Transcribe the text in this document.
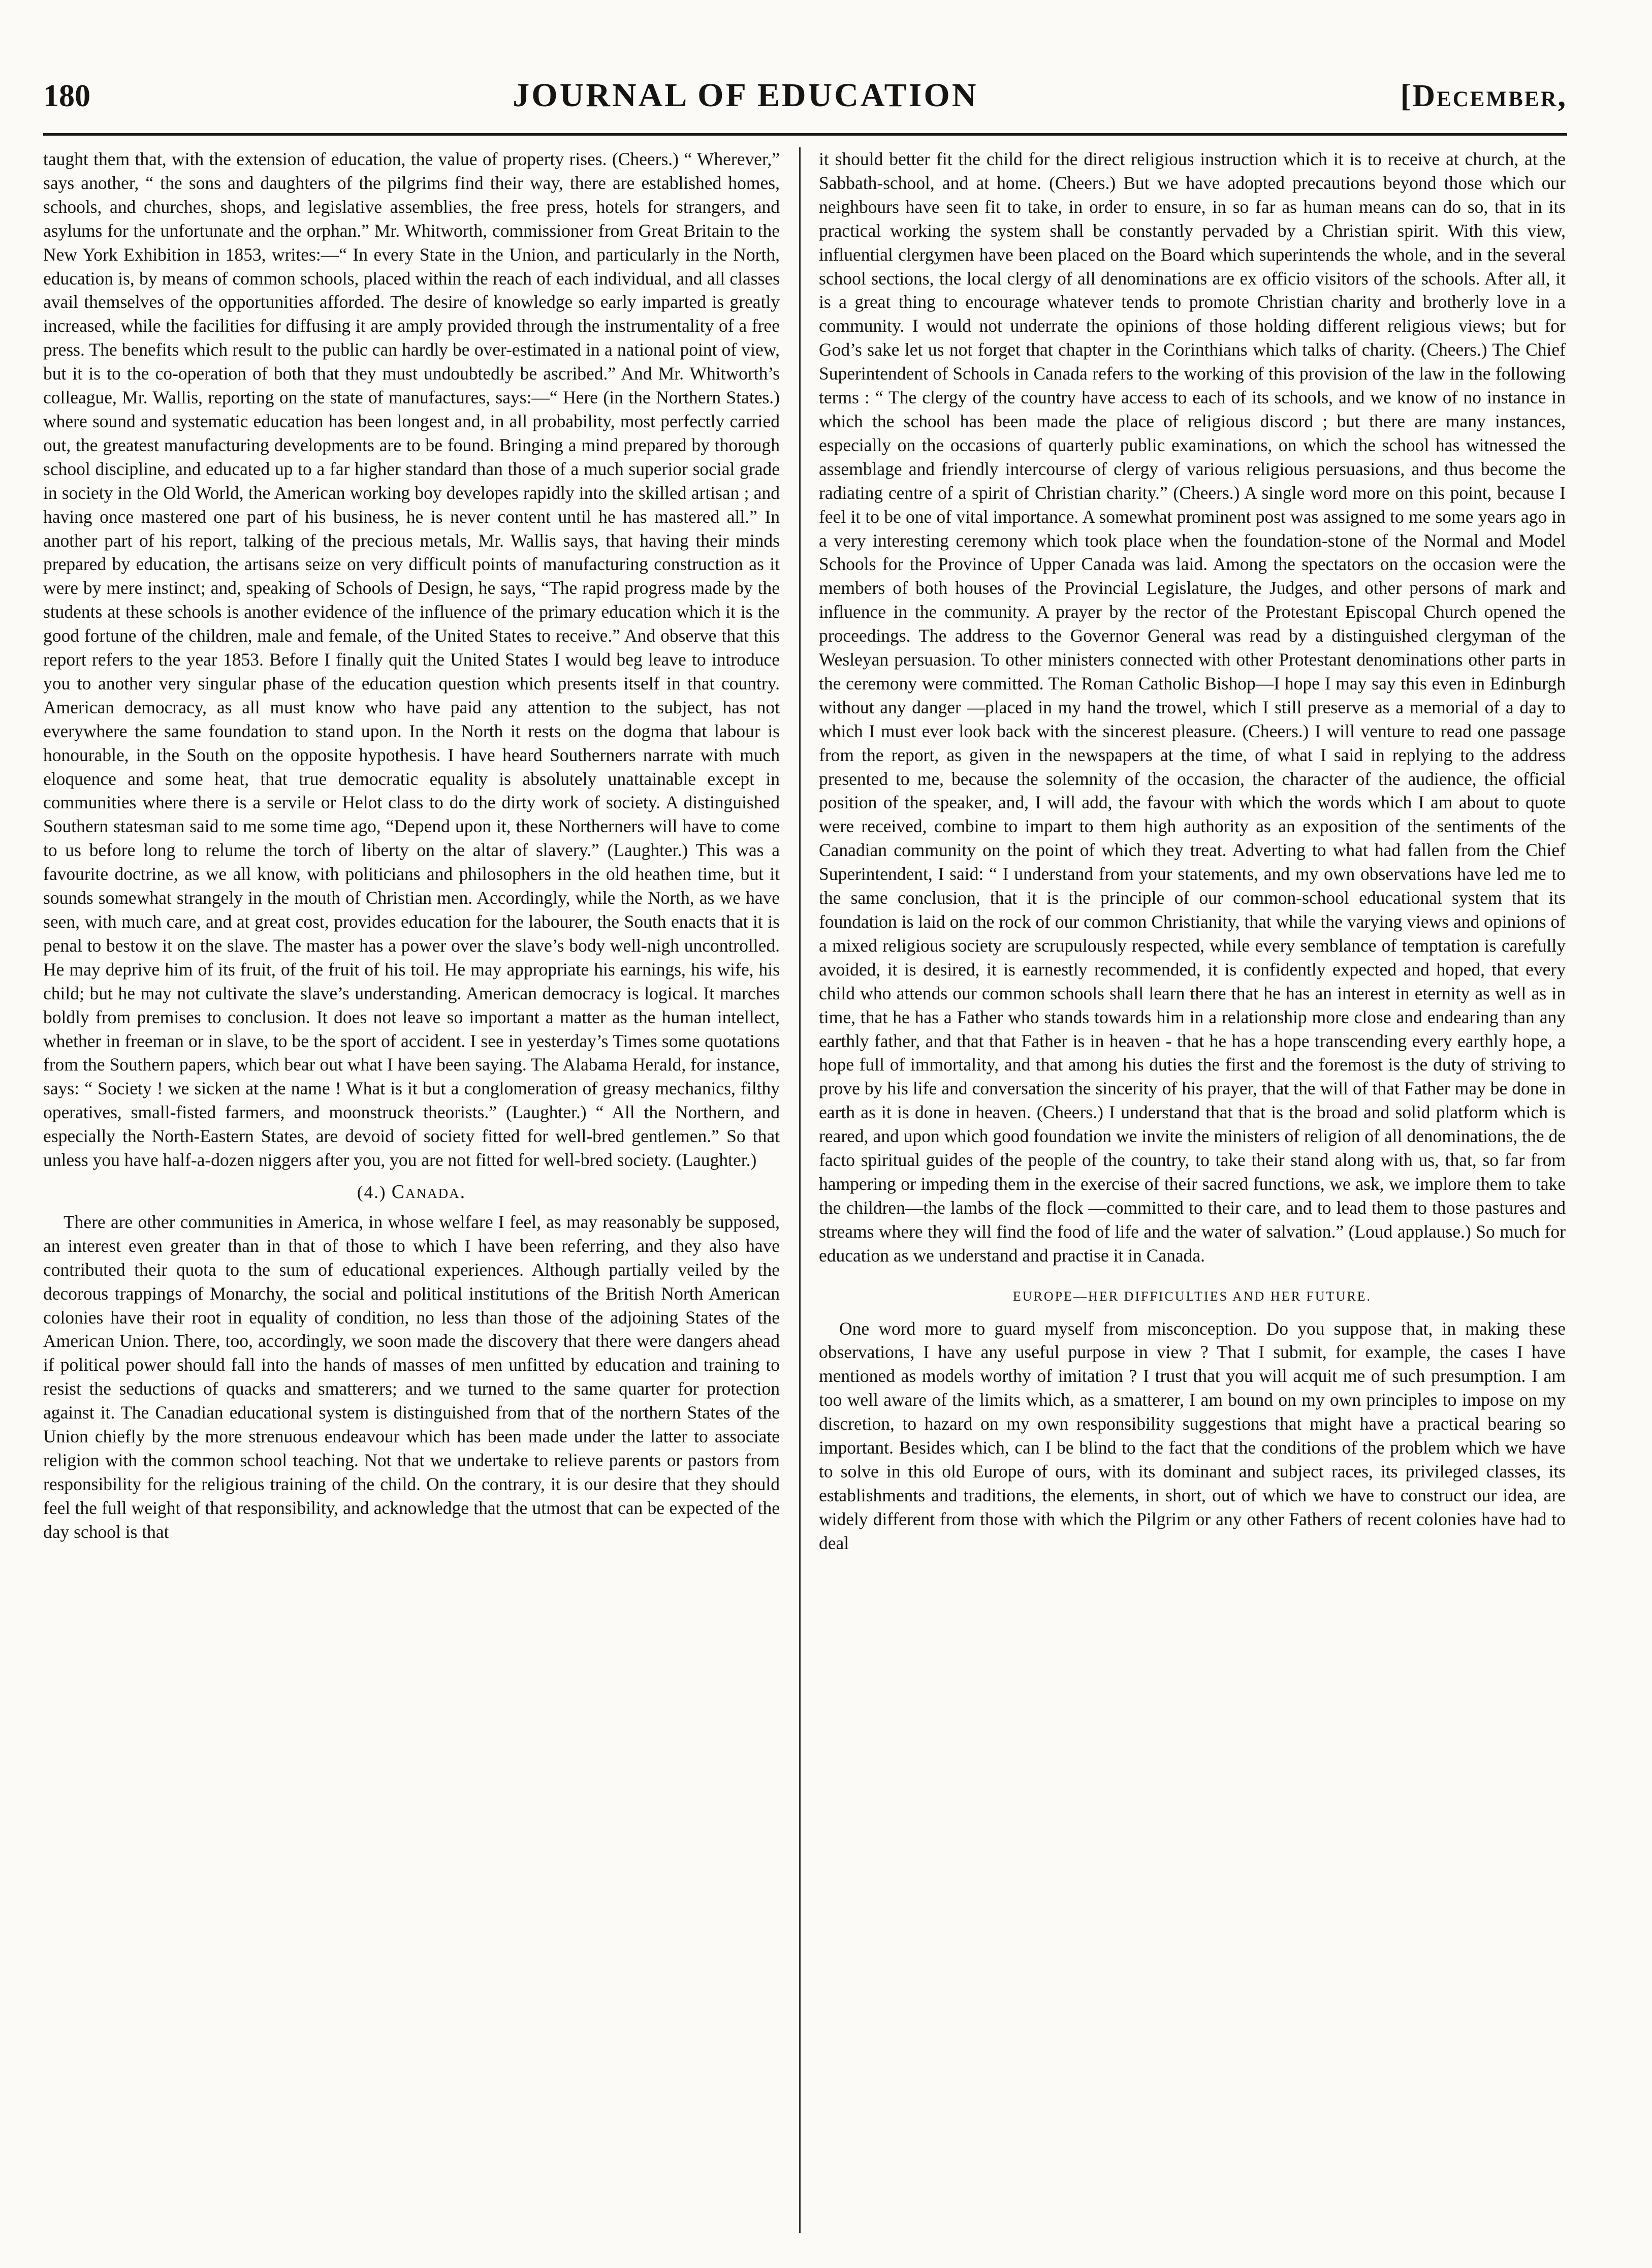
180	JOURNAL OF EDUCATION	[December,

taught them that, with the extension of education, the value of property rises. (Cheers.) “ Wherever,” says another, “ the sons and daughters of the pilgrims find their way, there are established homes, schools, and churches, shops, and legislative assemblies, the free press, hotels for strangers, and asylums for the unfortunate and the orphan.” Mr. Whitworth, commissioner from Great Britain to the New York Exhibition in 1853, writes:—“ In every State in the Union, and particularly in the North, education is, by means of common schools, placed within the reach of each individual, and all classes avail themselves of the opportunities afforded. The desire of knowledge so early imparted is greatly increased, while the facilities for diffusing it are amply provided through the instrumentality of a free press. The benefits which result to the public can hardly be over-estimated in a national point of view, but it is to the co-operation of both that they must undoubtedly be ascribed.” And Mr. Whitworth’s colleague, Mr. Wallis, reporting on the state of manufactures, says:—“ Here (in the Northern States.) where sound and systematic education has been longest and, in all probability, most perfectly carried out, the greatest manufacturing developments are to be found. Bringing a mind prepared by thorough school discipline, and educated up to a far higher standard than those of a much superior social grade in society in the Old World, the American working boy developes rapidly into the skilled artisan ; and having once mastered one part of his business, he is never content until he has mastered all.” In another part of his report, talking of the precious metals, Mr. Wallis says, that having their minds prepared by education, the artisans seize on very difficult points of manufacturing construction as it were by mere instinct; and, speaking of Schools of Design, he says, “The rapid progress made by the students at these schools is another evidence of the influence of the primary education which it is the good fortune of the children, male and female, of the United States to receive.” And observe that this report refers to the year 1853. Before I finally quit the United States I would beg leave to introduce you to another very singular phase of the education question which presents itself in that country. American democracy, as all must know who have paid any attention to the subject, has not everywhere the same foundation to stand upon. In the North it rests on the dogma that labour is honourable, in the South on the opposite hypothesis. I have heard Southerners narrate with much eloquence and some heat, that true democratic equality is absolutely unattainable except in communities where there is a servile or Helot class to do the dirty work of society. A distinguished Southern statesman said to me some time ago, “Depend upon it, these Northerners will have to come to us before long to relume the torch of liberty on the altar of slavery.” (Laughter.) This was a favourite doctrine, as we all know, with politicians and philosophers in the old heathen time, but it sounds somewhat strangely in the mouth of Christian men. Accordingly, while the North, as we have seen, with much care, and at great cost, provides education for the labourer, the South enacts that it is penal to bestow it on the slave. The master has a power over the slave’s body well-nigh uncontrolled. He may deprive him of its fruit, of the fruit of his toil. He may appropriate his earnings, his wife, his child; but he may not cultivate the slave’s understanding. American democracy is logical. It marches boldly from premises to conclusion. It does not leave so important a matter as the human intellect, whether in freeman or in slave, to be the sport of accident. I see in yesterday’s Times some quotations from the Southern papers, which bear out what I have been saying. The Alabama Herald, for instance, says: “ Society ! we sicken at the name ! What is it but a conglomeration of greasy mechanics, filthy operatives, small-fisted farmers, and moonstruck theorists.” (Laughter.) “ All the Northern, and especially the North-Eastern States, are devoid of society fitted for well-bred gentlemen.” So that unless you have half-a-dozen niggers after you, you are not fitted for well-bred society. (Laughter.)

(4.) Canada.

There are other communities in America, in whose welfare I feel, as may reasonably be supposed, an interest even greater than in that of those to which I have been referring, and they also have contributed their quota to the sum of educational experiences. Although partially veiled by the decorous trappings of Monarchy, the social and political institutions of the British North American colonies have their root in equality of condition, no less than those of the adjoining States of the American Union. There, too, accordingly, we soon made the discovery that there were dangers ahead if political power should fall into the hands of masses of men unfitted by education and training to resist the seductions of quacks and smatterers; and we turned to the same quarter for protection against it. The Canadian educational system is distinguished from that of the northern States of the Union chiefly by the more strenuous endeavour which has been made under the latter to associate religion with the common school teaching. Not that we undertake to relieve parents or pastors from responsibility for the religious training of the child. On the contrary, it is our desire that they should feel the full weight of that responsibility, and acknowledge that the utmost that can be expected of the day school is that

it should better fit the child for the direct religious instruction which it is to receive at church, at the Sabbath-school, and at home. (Cheers.) But we have adopted precautions beyond those which our neighbours have seen fit to take, in order to ensure, in so far as human means can do so, that in its practical working the system shall be constantly pervaded by a Christian spirit. With this view, influential clergymen have been placed on the Board which superintends the whole, and in the several school sections, the local clergy of all denominations are ex officio visitors of the schools. After all, it is a great thing to encourage whatever tends to promote Christian charity and brotherly love in a community. I would not underrate the opinions of those holding different religious views; but for God’s sake let us not forget that chapter in the Corinthians which talks of charity. (Cheers.) The Chief Superintendent of Schools in Canada refers to the working of this provision of the law in the following terms : “ The clergy of the country have access to each of its schools, and we know of no instance in which the school has been made the place of religious discord ; but there are many instances, especially on the occasions of quarterly public examinations, on which the school has witnessed the assemblage and friendly intercourse of clergy of various religious persuasions, and thus become the radiating centre of a spirit of Christian charity.” (Cheers.) A single word more on this point, because I feel it to be one of vital importance. A somewhat prominent post was assigned to me some years ago in a very interesting ceremony which took place when the foundation-stone of the Normal and Model Schools for the Province of Upper Canada was laid. Among the spectators on the occasion were the members of both houses of the Provincial Legislature, the Judges, and other persons of mark and influence in the community. A prayer by the rector of the Protestant Episcopal Church opened the proceedings. The address to the Governor General was read by a distinguished clergyman of the Wesleyan persuasion. To other ministers connected with other Protestant denominations other parts in the ceremony were committed. The Roman Catholic Bishop—I hope I may say this even in Edinburgh without any danger —placed in my hand the trowel, which I still preserve as a memorial of a day to which I must ever look back with the sincerest pleasure. (Cheers.) I will venture to read one passage from the report, as given in the newspapers at the time, of what I said in replying to the address presented to me, because the solemnity of the occasion, the character of the audience, the official position of the speaker, and, I will add, the favour with which the words which I am about to quote were received, combine to impart to them high authority as an exposition of the sentiments of the Canadian community on the point of which they treat. Adverting to what had fallen from the Chief Superintendent, I said: “ I understand from your statements, and my own observations have led me to the same conclusion, that it is the principle of our common-school educational system that its foundation is laid on the rock of our common Christianity, that while the varying views and opinions of a mixed religious society are scrupulously respected, while every semblance of temptation is carefully avoided, it is desired, it is earnestly recommended, it is confidently expected and hoped, that every child who attends our common schools shall learn there that he has an interest in eternity as well as in time, that he has a Father who stands towards him in a relationship more close and endearing than any earthly father, and that that Father is in heaven - that he has a hope transcending every earthly hope, a hope full of immortality, and that among his duties the first and the foremost is the duty of striving to prove by his life and conversation the sincerity of his prayer, that the will of that Father may be done in earth as it is done in heaven. (Cheers.) I understand that that is the broad and solid platform which is reared, and upon which good foundation we invite the ministers of religion of all denominations, the de facto spiritual guides of the people of the country, to take their stand along with us, that, so far from hampering or impeding them in the exercise of their sacred functions, we ask, we implore them to take the children—the lambs of the flock —committed to their care, and to lead them to those pastures and streams where they will find the food of life and the water of salvation.” (Loud applause.) So much for education as we understand and practise it in Canada.

EUROPE—HER DIFFICULTIES AND HER FUTURE.

One word more to guard myself from misconception. Do you suppose that, in making these observations, I have any useful purpose in view ? That I submit, for example, the cases I have mentioned as models worthy of imitation ? I trust that you will acquit me of such presumption. I am too well aware of the limits which, as a smatterer, I am bound on my own principles to impose on my discretion, to hazard on my own responsibility suggestions that might have a practical bearing so important. Besides which, can I be blind to the fact that the conditions of the problem which we have to solve in this old Europe of ours, with its dominant and subject races, its privileged classes, its establishments and traditions, the elements, in short, out of which we have to construct our idea, are widely different from those with which the Pilgrim or any other Fathers of recent colonies have had to deal
